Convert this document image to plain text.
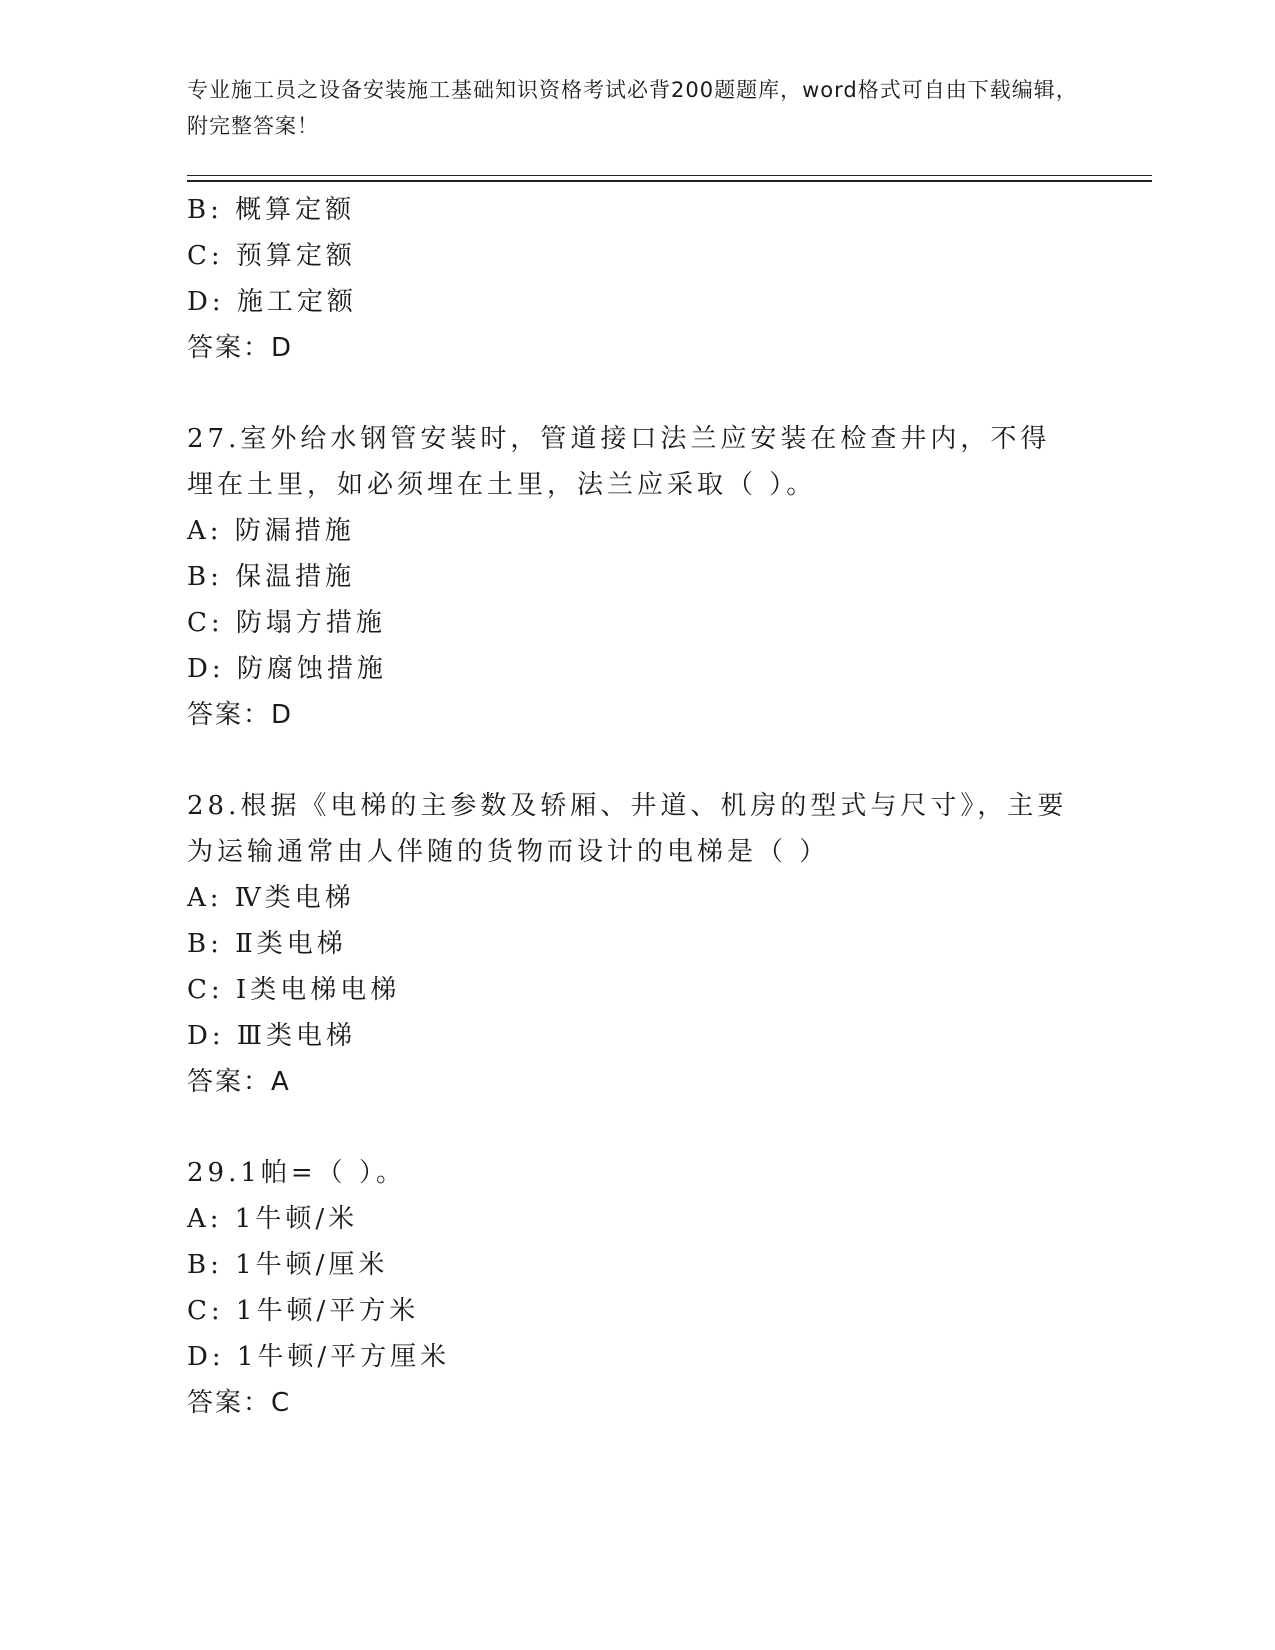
专业施工员之设备安装施工基础知识资格考试必背200题题库，word格式可自由下载编辑，附完整答案！
B: 概算定额
C: 预算定额
D: 施工定额
答案：D
27.室外给水钢管安装时，管道接口法兰应安装在检查井内，不得埋在土里，如必须埋在土里，法兰应采取（ ）。
A: 防漏措施
B: 保温措施
C: 防塌方措施
D: 防腐蚀措施
答案：D
28.根据《电梯的主参数及轿厢、井道、机房的型式与尺寸》，主要为运输通常由人伴随的货物而设计的电梯是（ ）
A: Ⅳ类电梯
B: Ⅱ类电梯
C: Ⅰ类电梯电梯
D: Ⅲ类电梯
答案：A
29.1帕=（ ）。
A: 1牛顿/米
B: 1牛顿/厘米
C: 1牛顿/平方米
D: 1牛顿/平方厘米
答案：C
